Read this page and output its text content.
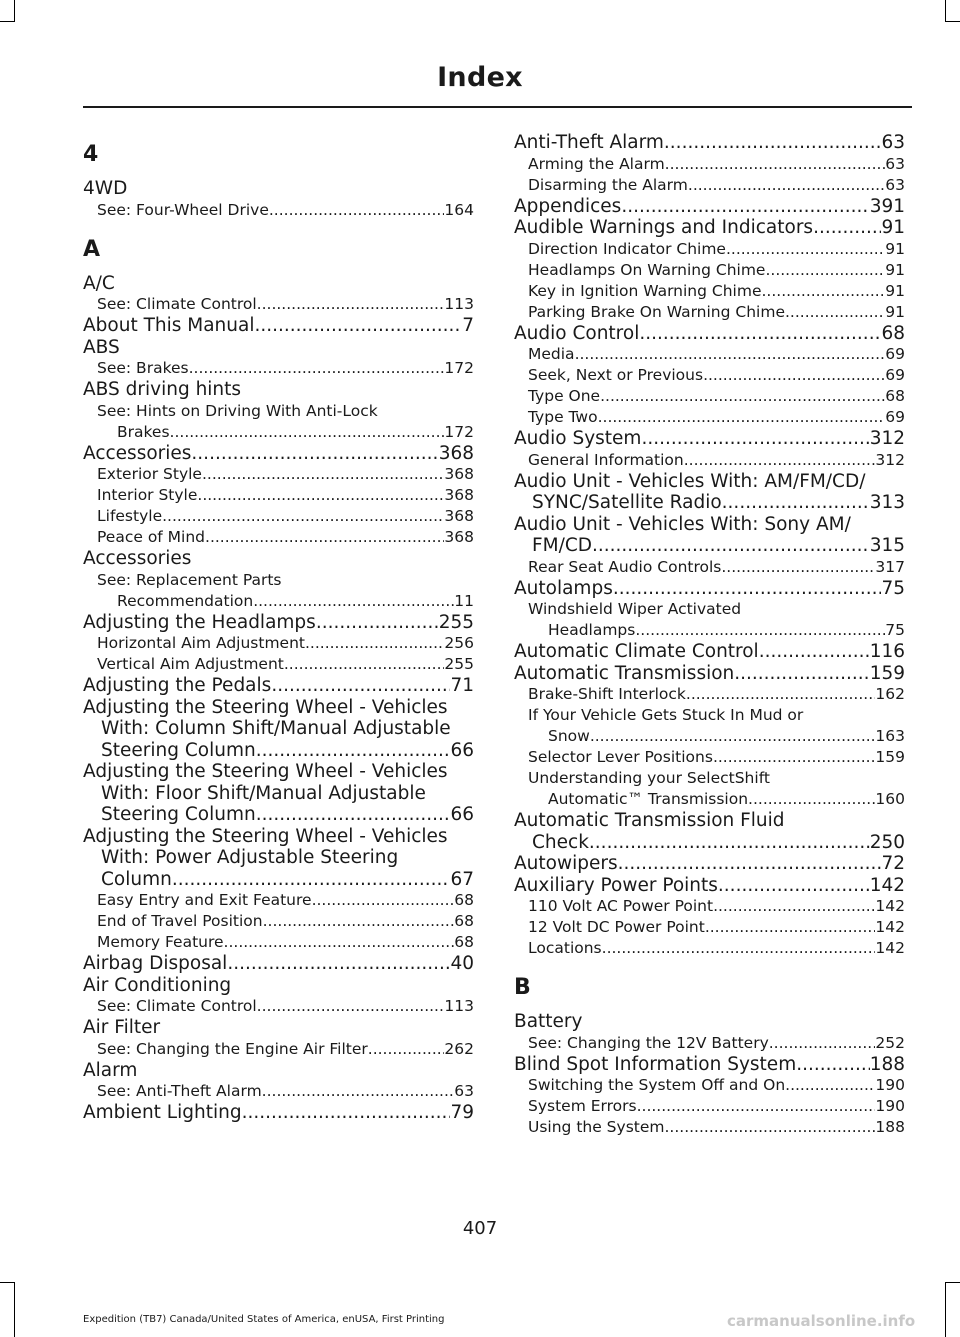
Index
4
4WD
See: Four-Wheel Drive .....	164
A
A/C
See: Climate Control .....	113
About This Manual .....	7
ABS
See: Brakes .....	172
ABS driving hints
See: Hints on Driving With Anti-Lock
Brakes .....	172
Accessories .....	368
Exterior Style .....	368
Interior Style .....	368
Lifestyle .....	368
Peace of Mind .....	368
Accessories
See: Replacement Parts
Recommendation .....	11
Adjusting the Headlamps .....	255
Horizontal Aim Adjustment .....	256
Vertical Aim Adjustment .....	255
Adjusting the Pedals .....	71
Adjusting the Steering Wheel - Vehicles
With: Column Shift/Manual Adjustable
Steering Column .....	66
Adjusting the Steering Wheel - Vehicles
With: Floor Shift/Manual Adjustable
Steering Column .....	66
Adjusting the Steering Wheel - Vehicles
With: Power Adjustable Steering
Column .....	67
Easy Entry and Exit Feature .....	68
End of Travel Position .....	68
Memory Feature .....	68
Airbag Disposal .....	40
Air Conditioning
See: Climate Control .....	113
Air Filter
See: Changing the Engine Air Filter .....	262
Alarm
See: Anti-Theft Alarm .....	63
Ambient Lighting .....	79
Anti-Theft Alarm .....	63
Arming the Alarm .....	63
Disarming the Alarm .....	63
Appendices .....	391
Audible Warnings and Indicators .....	91
Direction Indicator Chime .....	91
Headlamps On Warning Chime .....	91
Key in Ignition Warning Chime .....	91
Parking Brake On Warning Chime .....	91
Audio Control .....	68
Media .....	69
Seek, Next or Previous .....	69
Type One .....	68
Type Two .....	69
Audio System .....	312
General Information .....	312
Audio Unit - Vehicles With: AM/FM/CD/
SYNC/Satellite Radio .....	313
Audio Unit - Vehicles With: Sony AM/
FM/CD .....	315
Rear Seat Audio Controls .....	317
Autolamps .....	75
Windshield Wiper Activated
Headlamps .....	75
Automatic Climate Control .....	116
Automatic Transmission .....	159
Brake-Shift Interlock .....	162
If Your Vehicle Gets Stuck In Mud or
Snow .....	163
Selector Lever Positions .....	159
Understanding your SelectShift
Automatic™ Transmission .....	160
Automatic Transmission Fluid
Check .....	250
Autowipers .....	72
Auxiliary Power Points .....	142
110 Volt AC Power Point .....	142
12 Volt DC Power Point .....	142
Locations .....	142
B
Battery
See: Changing the 12V Battery .....	252
Blind Spot Information System .....	188
Switching the System Off and On .....	190
System Errors .....	190
Using the System .....	188
407
Expedition (TB7) Canada/United States of America, enUSA, First Printing	carmanualsonline.info
